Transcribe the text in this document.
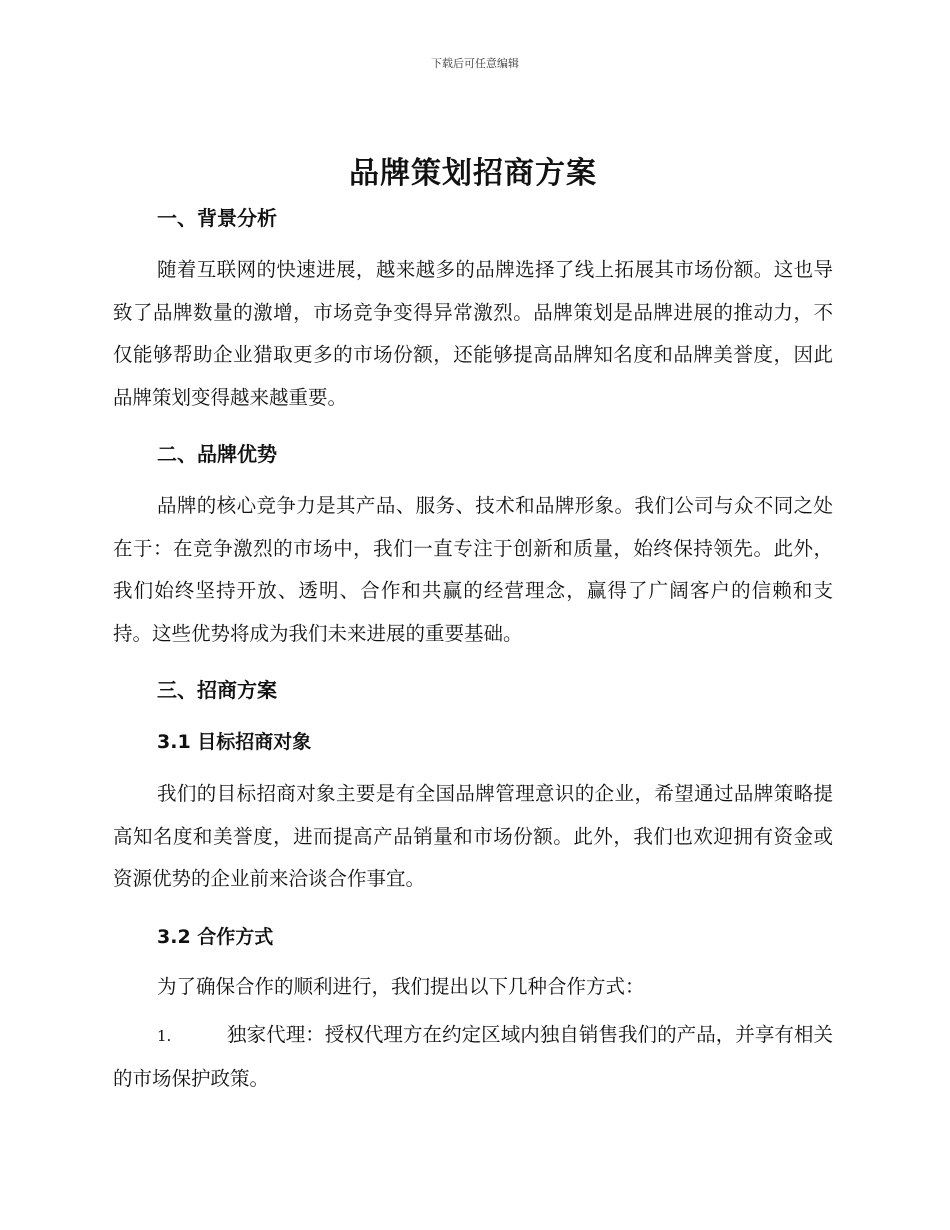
下载后可任意编辑
品牌策划招商方案
一、背景分析

随着互联网的快速进展，越来越多的品牌选择了线上拓展其市场份额。这也导致了品牌数量的激增，市场竞争变得异常激烈。品牌策划是品牌进展的推动力，不仅能够帮助企业猎取更多的市场份额，还能够提高品牌知名度和品牌美誉度，因此品牌策划变得越来越重要。

二、品牌优势

品牌的核心竞争力是其产品、服务、技术和品牌形象。我们公司与众不同之处在于：在竞争激烈的市场中，我们一直专注于创新和质量，始终保持领先。此外，我们始终坚持开放、透明、合作和共赢的经营理念，赢得了广阔客户的信赖和支持。这些优势将成为我们未来进展的重要基础。

三、招商方案
3.1 目标招商对象

我们的目标招商对象主要是有全国品牌管理意识的企业，希望通过品牌策略提高知名度和美誉度，进而提高产品销量和市场份额。此外，我们也欢迎拥有资金或资源优势的企业前来洽谈合作事宜。

3.2 合作方式

为了确保合作的顺利进行，我们提出以下几种合作方式：

1.	独家代理：授权代理方在约定区域内独自销售我们的产品，并享有相关的市场保护政策。
